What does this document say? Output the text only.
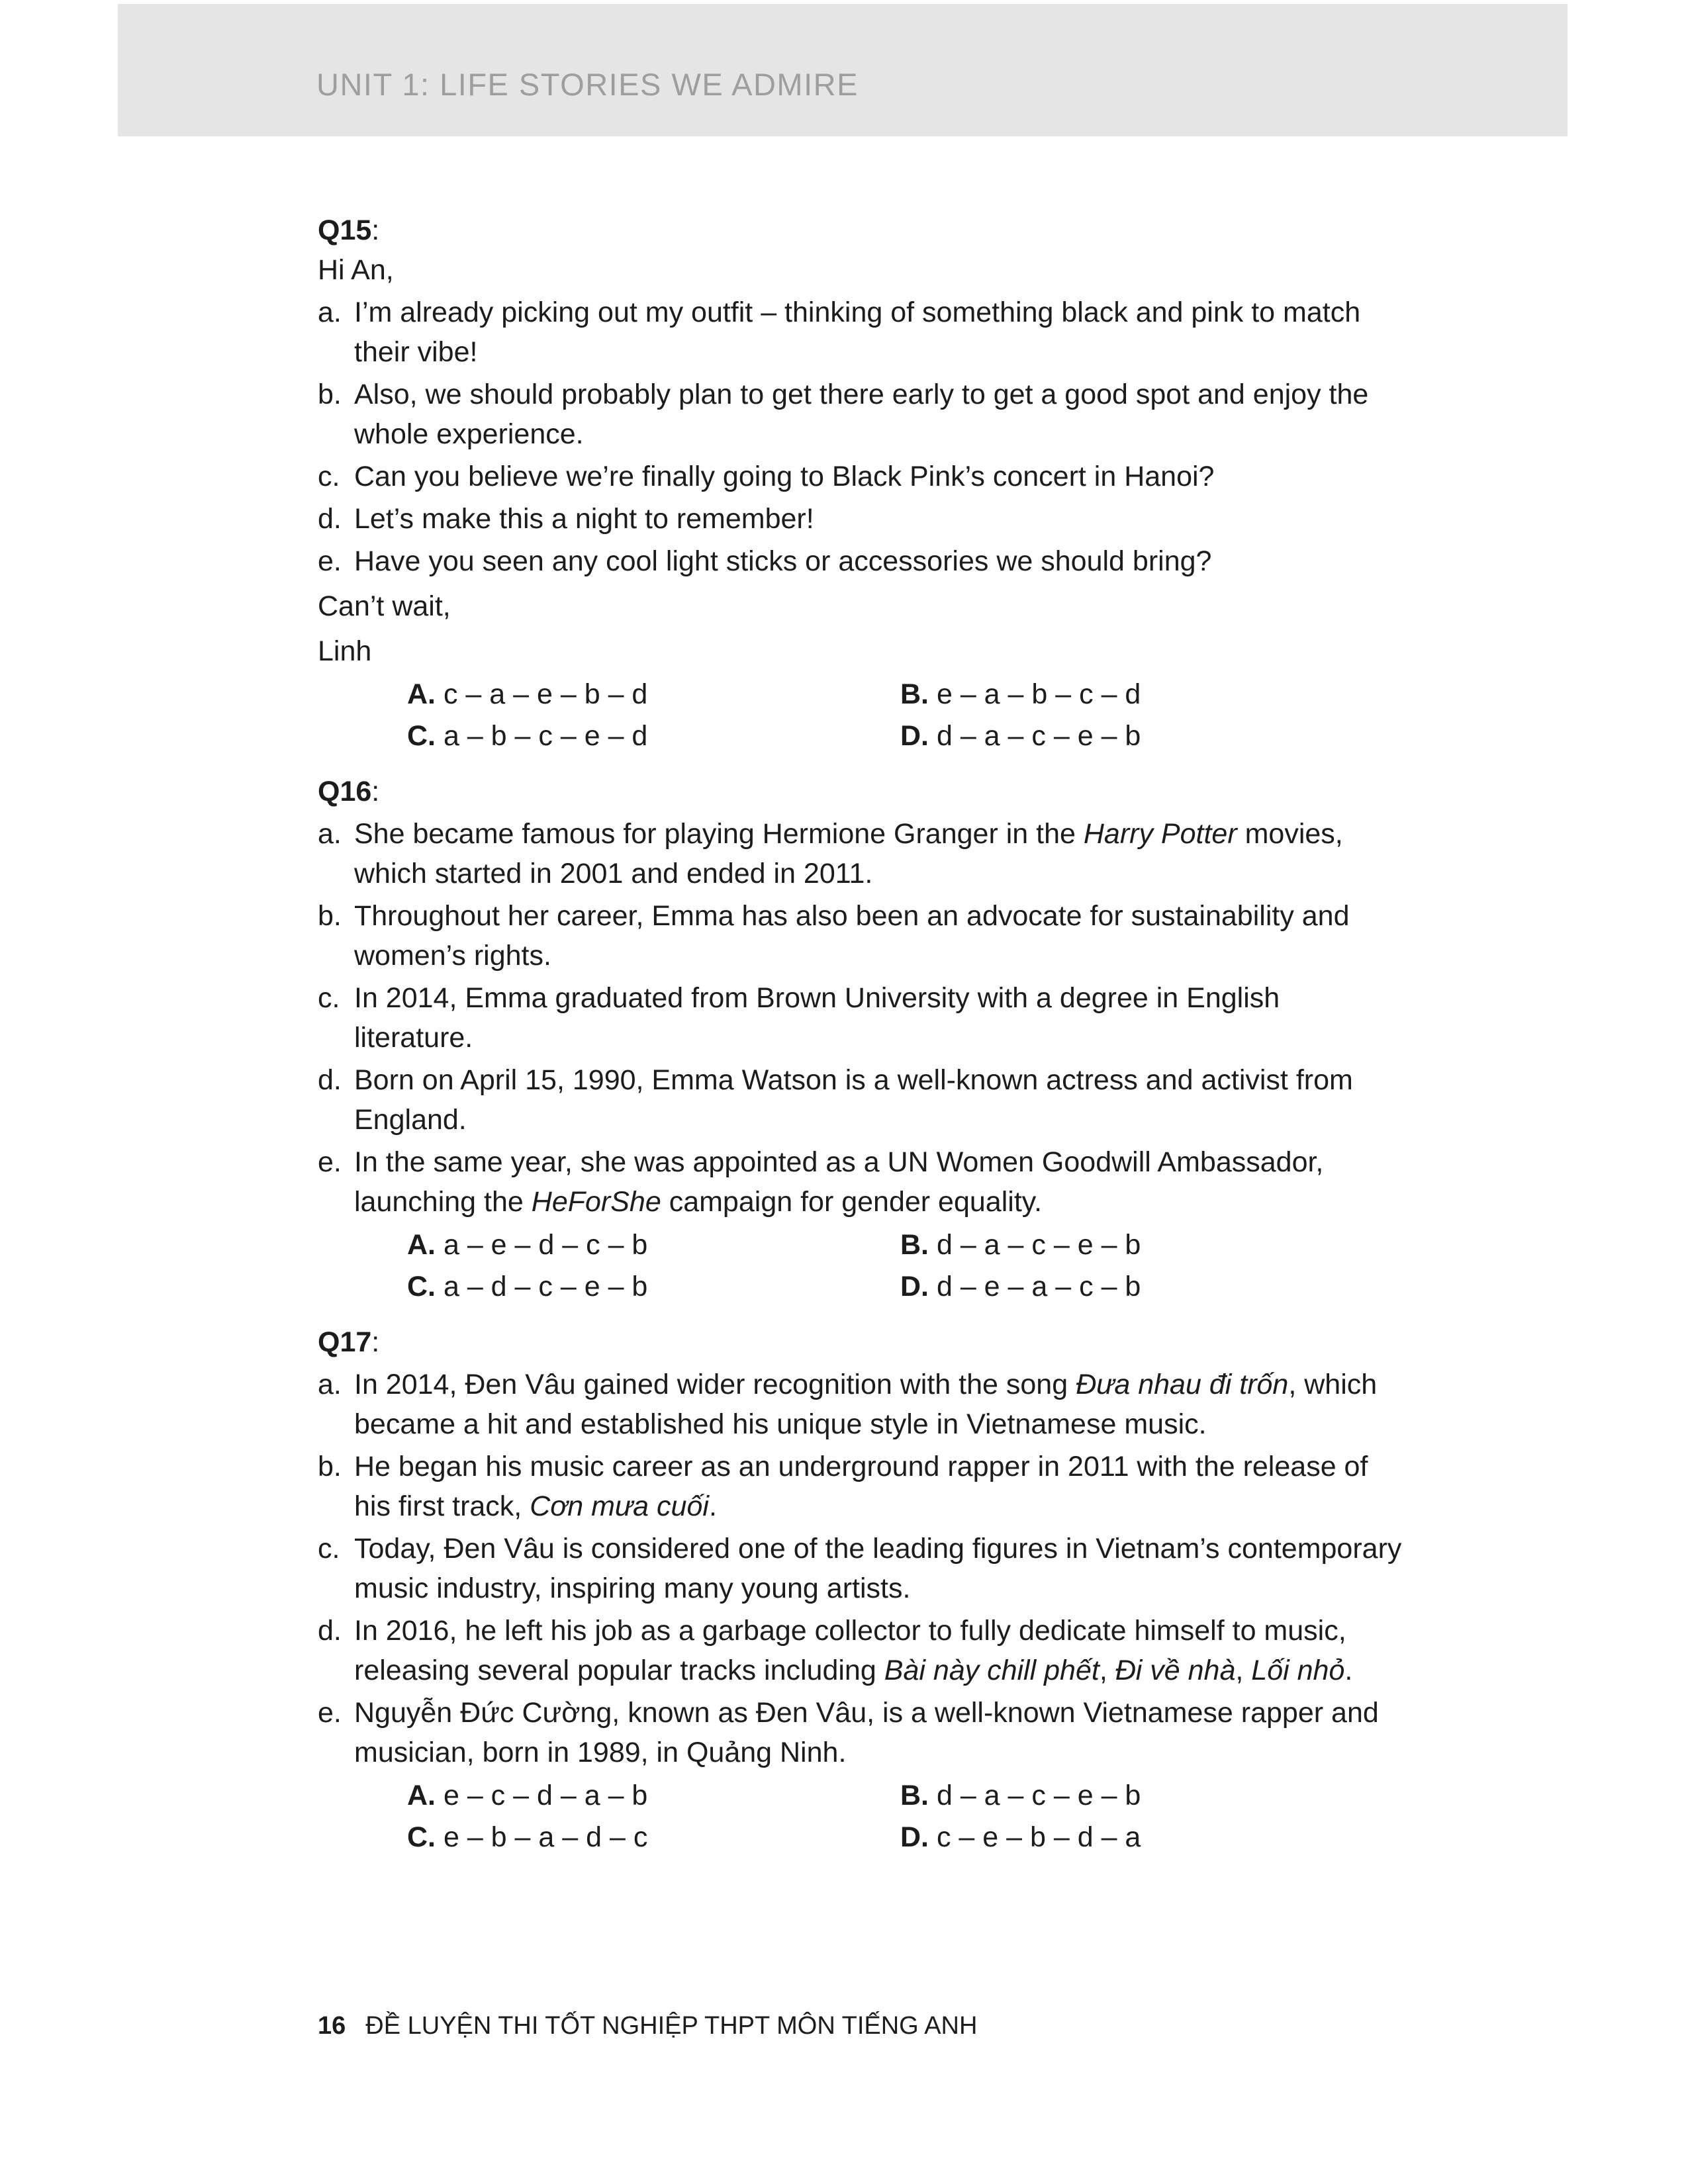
UNIT 1: LIFE STORIES WE ADMIRE

Q15:

Hi An,

a. I’m already picking out my outfit – thinking of something black and pink to match their vibe!
b. Also, we should probably plan to get there early to get a good spot and enjoy the whole experience.
c. Can you believe we’re finally going to Black Pink’s concert in Hanoi?
d. Let’s make this a night to remember!
e. Have you seen any cool light sticks or accessories we should bring?

Can’t wait,

Linh

A. c – a – e – b – d	B. e – a – b – c – d
C. a – b – c – e – d	D. d – a – c – e – b

Q16:

a. She became famous for playing Hermione Granger in the Harry Potter movies, which started in 2001 and ended in 2011.
b. Throughout her career, Emma has also been an advocate for sustainability and women’s rights.
c. In 2014, Emma graduated from Brown University with a degree in English literature.
d. Born on April 15, 1990, Emma Watson is a well-known actress and activist from England.
e. In the same year, she was appointed as a UN Women Goodwill Ambassador, launching the HeForShe campaign for gender equality.
A. a – e – d – c – b	B. d – a – c – e – b
C. a – d – c – e – b	D. d – e – a – c – b

Q17:

a. In 2014, Đen Vâu gained wider recognition with the song Đưa nhau đi trốn, which became a hit and established his unique style in Vietnamese music.
b. He began his music career as an underground rapper in 2011 with the release of his first track, Cơn mưa cuối.
c. Today, Đen Vâu is considered one of the leading figures in Vietnam’s contemporary music industry, inspiring many young artists.
d. In 2016, he left his job as a garbage collector to fully dedicate himself to music, releasing several popular tracks including Bài này chill phết, Đi về nhà, Lối nhỏ.
e. Nguyễn Đức Cường, known as Đen Vâu, is a well-known Vietnamese rapper and musician, born in 1989, in Quảng Ninh.
A. e – c – d – a – b	B. d – a – c – e – b
C. e – b – a – d – c	D. c – e – b – d – a
16 ĐỀ LUYỆN THI TỐT NGHIỆP THPT MÔN TIẾNG ANH
